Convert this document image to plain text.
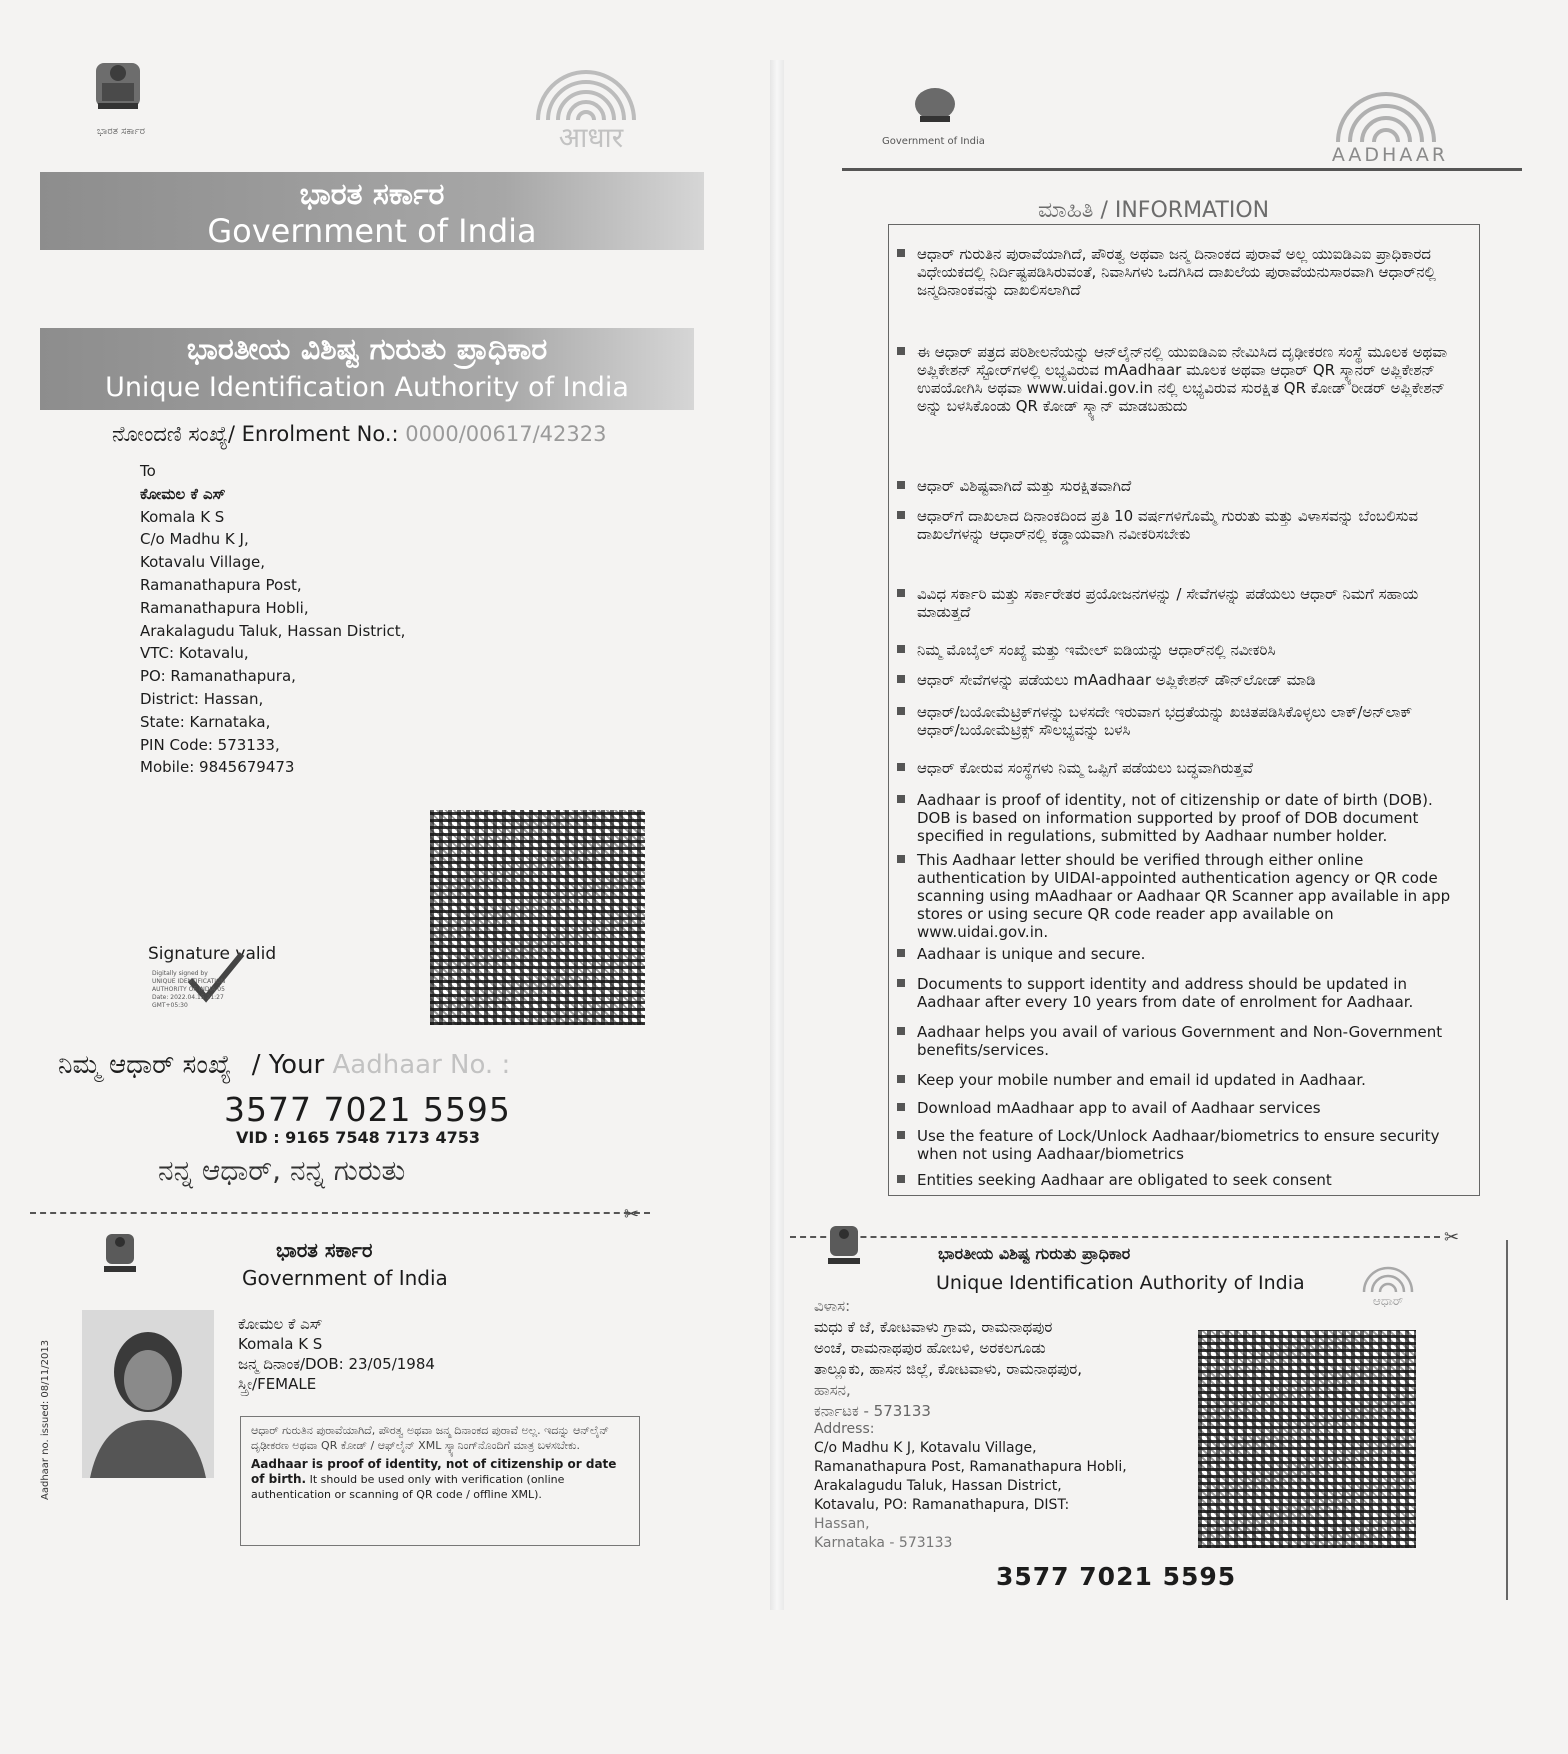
ಭಾರತ ಸರ್ಕಾರ	आधार
ಭಾರತ ಸರ್ಕಾರ
Government of India
ಭಾರತೀಯ ವಿಶಿಷ್ಟ ಗುರುತು ಪ್ರಾಧಿಕಾರ
Unique Identification Authority of India
ನೋಂದಣಿ ಸಂಖ್ಯೆ/ Enrolment No.: 0000/00617/42323
To
ಕೋಮಲ ಕೆ ಎಸ್
Komala K S
C/o Madhu K J,
Kotavalu Village,
Ramanathapura Post,
Ramanathapura Hobli,
Arakalagudu Taluk, Hassan District,
VTC: Kotavalu,
PO: Ramanathapura,
District: Hassan,
State: Karnataka,
PIN Code: 573133,
Mobile: 9845679473
Signature valid
Digitally signed by
UNIQUE IDENTIFICATION
AUTHORITY OF INDIA 05
Date: 2022.04.15 21:27
GMT+05:30
ನಿಮ್ಮ ಆಧಾರ್ ಸಂಖ್ಯೆ / Your Aadhaar No. :
3577 7021 5595
VID : 9165 7548 7173 4753
ನನ್ನ ಆಧಾರ್, ನನ್ನ ಗುರುತು
✂
ಭಾರತ ಸರ್ಕಾರ
Government of India
Aadhaar no. issued: 08/11/2013
ಕೋಮಲ ಕೆ ಎಸ್
Komala K S
ಜನ್ಮ ದಿನಾಂಕ/DOB: 23/05/1984
ಸ್ತ್ರೀ/FEMALE
ಆಧಾರ್ ಗುರುತಿನ ಪುರಾವೆಯಾಗಿದೆ, ಪೌರತ್ವ ಅಥವಾ ಜನ್ಮ ದಿನಾಂಕದ ಪುರಾವೆ ಅಲ್ಲ. ಇದನ್ನು ಆನ್‌ಲೈನ್ ದೃಢೀಕರಣ ಅಥವಾ QR ಕೋಡ್ / ಆಫ್‌ಲೈನ್ XML ಸ್ಕ್ಯಾನಿಂಗ್‌ನೊಂದಿಗೆ ಮಾತ್ರ ಬಳಸಬೇಕು.
Aadhaar is proof of identity, not of citizenship or date of birth. It should be used only with verification (online authentication or scanning of QR code / offline XML).
Government of India
AADHAAR
ಮಾಹಿತಿ / INFORMATION
ಆಧಾರ್ ಗುರುತಿನ ಪುರಾವೆಯಾಗಿದೆ, ಪೌರತ್ವ ಅಥವಾ ಜನ್ಮ ದಿನಾಂಕದ ಪುರಾವೆ ಅಲ್ಲ ಯುಐಡಿಎಐ ಪ್ರಾಧಿಕಾರದ ವಿಧೇಯಕದಲ್ಲಿ ನಿರ್ದಿಷ್ಟಪಡಿಸಿರುವಂತೆ, ನಿವಾಸಿಗಳು ಒದಗಿಸಿದ ದಾಖಲೆಯ ಪುರಾವೆಯನುಸಾರವಾಗಿ ಆಧಾರ್‌ನಲ್ಲಿ ಜನ್ಮದಿನಾಂಕವನ್ನು ದಾಖಲಿಸಲಾಗಿದೆ
ಈ ಆಧಾರ್ ಪತ್ರದ ಪರಿಶೀಲನೆಯನ್ನು ಆನ್‌ಲೈನ್‌ನಲ್ಲಿ ಯುಐಡಿಎಐ ನೇಮಿಸಿದ ದೃಢೀಕರಣ ಸಂಸ್ಥೆ ಮೂಲಕ ಅಥವಾ ಅಪ್ಲಿಕೇಶನ್ ಸ್ಟೋರ್‌ಗಳಲ್ಲಿ ಲಭ್ಯವಿರುವ mAadhaar ಮೂಲಕ ಅಥವಾ ಆಧಾರ್ QR ಸ್ಕ್ಯಾನರ್ ಅಪ್ಲಿಕೇಶನ್ ಉಪಯೋಗಿಸಿ ಅಥವಾ www.uidai.gov.in ನಲ್ಲಿ ಲಭ್ಯವಿರುವ ಸುರಕ್ಷಿತ QR ಕೋಡ್ ರೀಡರ್ ಅಪ್ಲಿಕೇಶನ್ ಅನ್ನು ಬಳಸಿಕೊಂಡು QR ಕೋಡ್ ಸ್ಕ್ಯಾನ್ ಮಾಡಬಹುದು
ಆಧಾರ್ ವಿಶಿಷ್ಟವಾಗಿದೆ ಮತ್ತು ಸುರಕ್ಷಿತವಾಗಿದೆ
ಆಧಾರ್‌ಗೆ ದಾಖಲಾದ ದಿನಾಂಕದಿಂದ ಪ್ರತಿ 10 ವರ್ಷಗಳಿಗೊಮ್ಮೆ ಗುರುತು ಮತ್ತು ವಿಳಾಸವನ್ನು ಬೆಂಬಲಿಸುವ ದಾಖಲೆಗಳನ್ನು ಆಧಾರ್‌ನಲ್ಲಿ ಕಡ್ಡಾಯವಾಗಿ ನವೀಕರಿಸಬೇಕು
ವಿವಿಧ ಸರ್ಕಾರಿ ಮತ್ತು ಸರ್ಕಾರೇತರ ಪ್ರಯೋಜನಗಳನ್ನು / ಸೇವೆಗಳನ್ನು ಪಡೆಯಲು ಆಧಾರ್ ನಿಮಗೆ ಸಹಾಯ ಮಾಡುತ್ತದೆ
ನಿಮ್ಮ ಮೊಬೈಲ್ ಸಂಖ್ಯೆ ಮತ್ತು ಇಮೇಲ್ ಐಡಿಯನ್ನು ಆಧಾರ್‌ನಲ್ಲಿ ನವೀಕರಿಸಿ
ಆಧಾರ್ ಸೇವೆಗಳನ್ನು ಪಡೆಯಲು mAadhaar ಅಪ್ಲಿಕೇಶನ್ ಡೌನ್‌ಲೋಡ್ ಮಾಡಿ
ಆಧಾರ್/ಬಯೋಮೆಟ್ರಿಕ್‌ಗಳನ್ನು ಬಳಸದೇ ಇರುವಾಗ ಭದ್ರತೆಯನ್ನು ಖಚಿತಪಡಿಸಿಕೊಳ್ಳಲು ಲಾಕ್/ಅನ್‌ಲಾಕ್ ಆಧಾರ್/ಬಯೋಮೆಟ್ರಿಕ್ಸ್ ಸೌಲಭ್ಯವನ್ನು ಬಳಸಿ
ಆಧಾರ್ ಕೋರುವ ಸಂಸ್ಥೆಗಳು ನಿಮ್ಮ ಒಪ್ಪಿಗೆ ಪಡೆಯಲು ಬದ್ಧವಾಗಿರುತ್ತವೆ
Aadhaar is proof of identity, not of citizenship or date of birth (DOB). DOB is based on information supported by proof of DOB document specified in regulations, submitted by Aadhaar number holder.
This Aadhaar letter should be verified through either online authentication by UIDAI-appointed authentication agency or QR code scanning using mAadhaar or Aadhaar QR Scanner app available in app stores or using secure QR code reader app available on www.uidai.gov.in.
Aadhaar is unique and secure.
Documents to support identity and address should be updated in Aadhaar after every 10 years from date of enrolment for Aadhaar.
Aadhaar helps you avail of various Government and Non-Government benefits/services.
Keep your mobile number and email id updated in Aadhaar.
Download mAadhaar app to avail of Aadhaar services
Use the feature of Lock/Unlock Aadhaar/biometrics to ensure security when not using Aadhaar/biometrics
Entities seeking Aadhaar are obligated to seek consent
✂
ಭಾರತೀಯ ವಿಶಿಷ್ಟ ಗುರುತು ಪ್ರಾಧಿಕಾರ
Unique Identification Authority of India
ಆಧಾರ್
ವಿಳಾಸ:
ಮಧು ಕೆ ಜೆ, ಕೋಟವಾಳು ಗ್ರಾಮ, ರಾಮನಾಥಪುರ
ಅಂಚೆ, ರಾಮನಾಥಪುರ ಹೋಬಳಿ, ಅರಕಲಗೂಡು
ತಾಲ್ಲೂಕು, ಹಾಸನ ಜಿಲ್ಲೆ, ಕೋಟವಾಳು, ರಾಮನಾಥಪುರ,
ಹಾಸನ,
ಕರ್ನಾಟಕ - 573133
Address:
C/o Madhu K J, Kotavalu Village,
Ramanathapura Post, Ramanathapura Hobli,
Arakalagudu Taluk, Hassan District,
Kotavalu, PO: Ramanathapura, DIST:
Hassan,
Karnataka - 573133
3577 7021 5595
